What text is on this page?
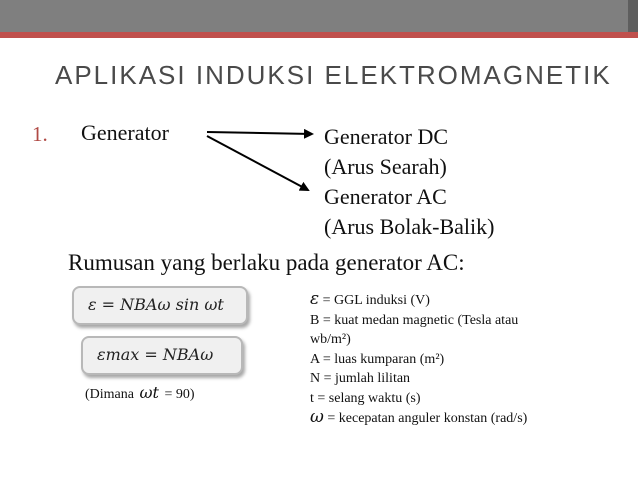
APLIKASI INDUKSI ELEKTROMAGNETIK
1. Generator	Generator DC
(Arus Searah)
Generator AC
(Arus Bolak-Balik)
Rumusan yang berlaku pada generator AC:
ε = NBAω sin ωt
εmax = NBAω
(Dimana ωt = 90)
ε = GGL induksi (V)
B = kuat medan magnetic (Tesla atau
wb/m²)
A = luas kumparan (m²)
N = jumlah lilitan
t = selang waktu (s)
ω = kecepatan anguler konstan (rad/s)
